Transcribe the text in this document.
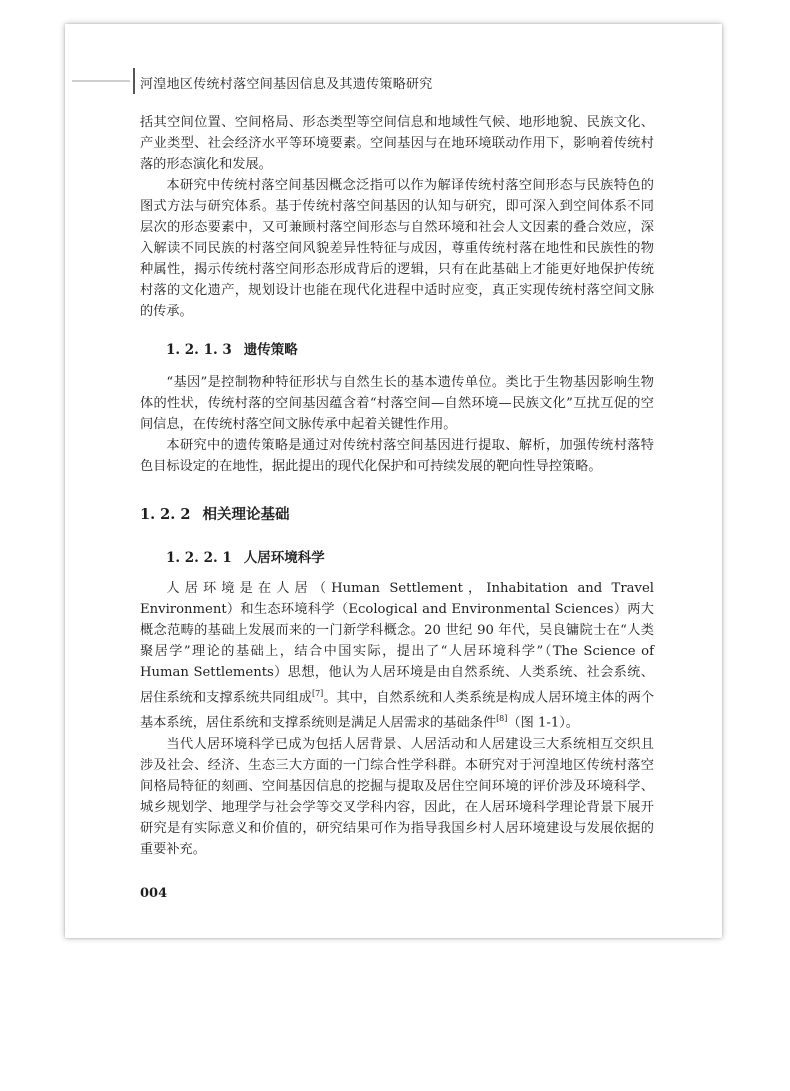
河湟地区传统村落空间基因信息及其遗传策略研究

括其空间位置、空间格局、形态类型等空间信息和地域性气候、地形地貌、民族文化、产业类型、社会经济水平等环境要素。空间基因与在地环境联动作用下，影响着传统村落的形态演化和发展。

本研究中传统村落空间基因概念泛指可以作为解译传统村落空间形态与民族特色的图式方法与研究体系。基于传统村落空间基因的认知与研究，即可深入到空间体系不同层次的形态要素中，又可兼顾村落空间形态与自然环境和社会人文因素的叠合效应，深入解读不同民族的村落空间风貌差异性特征与成因，尊重传统村落在地性和民族性的物种属性，揭示传统村落空间形态形成背后的逻辑，只有在此基础上才能更好地保护传统村落的文化遗产，规划设计也能在现代化进程中适时应变，真正实现传统村落空间文脉的传承。

1. 2. 1. 3 遗传策略

“基因”是控制物种特征形状与自然生长的基本遗传单位。类比于生物基因影响生物体的性状，传统村落的空间基因蕴含着“村落空间—自然环境—民族文化”互扰互促的空间信息，在传统村落空间文脉传承中起着关键性作用。

本研究中的遗传策略是通过对传统村落空间基因进行提取、解析，加强传统村落特色目标设定的在地性，据此提出的现代化保护和可持续发展的靶向性导控策略。

1. 2. 2 相关理论基础
1. 2. 2. 1 人居环境科学

人居环境是在人居（Human Settlement，Inhabitation and Travel Environment）和生态环境科学（Ecological and Environmental Sciences）两大概念范畴的基础上发展而来的一门新学科概念。20 世纪 90 年代，吴良镛院士在“人类聚居学”理论的基础上，结合中国实际，提出了“人居环境科学”（The Science of Human Settlements）思想，他认为人居环境是由自然系统、人类系统、社会系统、居住系统和支撑系统共同组成[7]。其中，自然系统和人类系统是构成人居环境主体的两个基本系统，居住系统和支撑系统则是满足人居需求的基础条件[8]（图 1-1）。

当代人居环境科学已成为包括人居背景、人居活动和人居建设三大系统相互交织且涉及社会、经济、生态三大方面的一门综合性学科群。本研究对于河湟地区传统村落空间格局特征的刻画、空间基因信息的挖掘与提取及居住空间环境的评价涉及环境科学、城乡规划学、地理学与社会学等交叉学科内容，因此，在人居环境科学理论背景下展开研究是有实际意义和价值的，研究结果可作为指导我国乡村人居环境建设与发展依据的重要补充。

004
